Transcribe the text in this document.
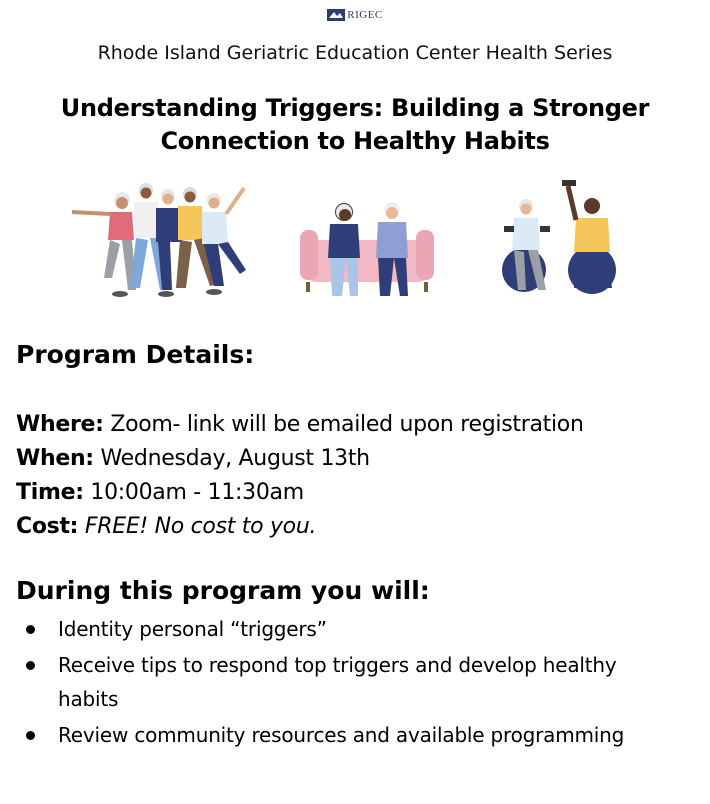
RIGEC
Rhode Island Geriatric Education Center Health Series
Understanding Triggers: Building a Stronger
Connection to Healthy Habits
Program Details:
Where: Zoom- link will be emailed upon registration
When: Wednesday, August 13th
Time: 10:00am - 11:30am
Cost: FREE! No cost to you.
During this program you will:
Identity personal “triggers”
Receive tips to respond top triggers and develop healthy habits
Review community resources and available programming
